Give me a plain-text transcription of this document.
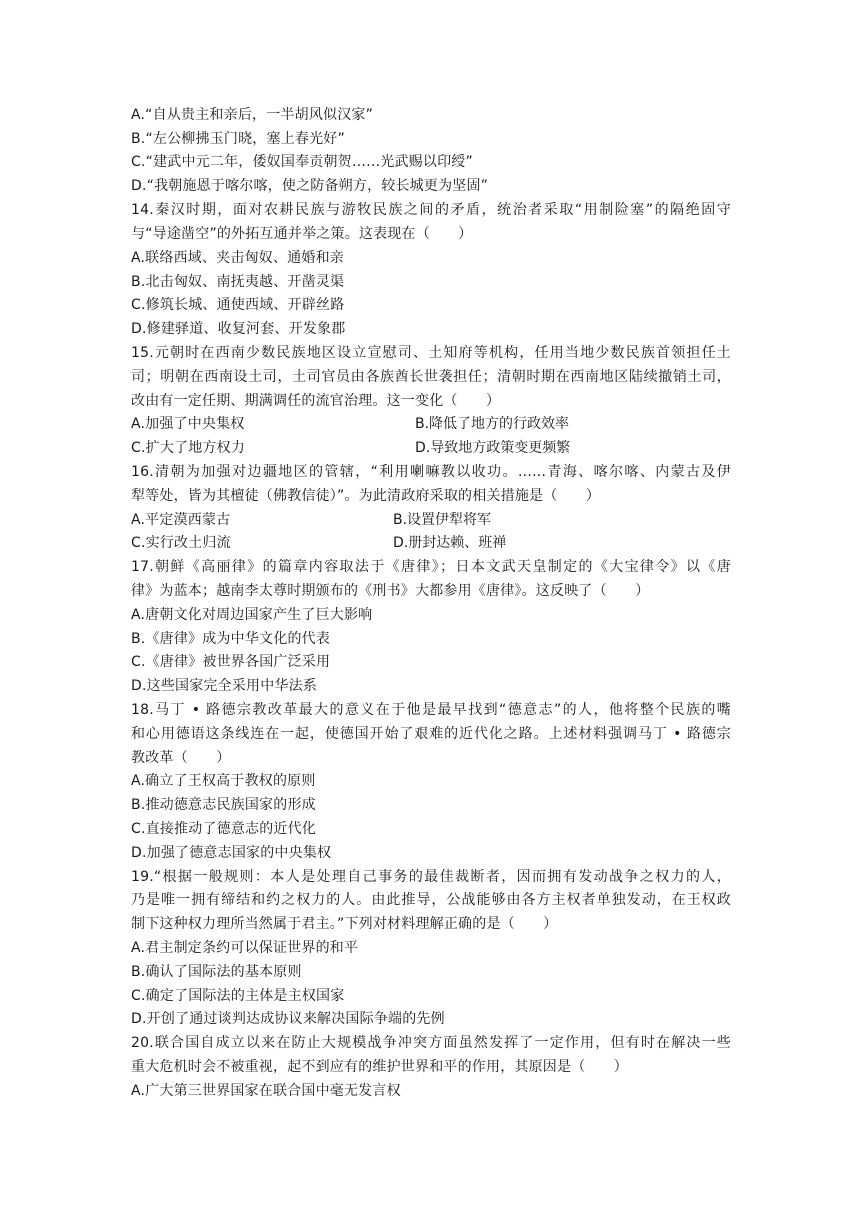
A.“自从贵主和亲后，一半胡风似汉家”
B.“左公柳拂玉门晓，塞上春光好”
C.“建武中元二年，倭奴国奉贡朝贺……光武赐以印绶”
D.“我朝施恩于喀尔喀，使之防备朔方，较长城更为坚固”
14.秦汉时期，面对农耕民族与游牧民族之间的矛盾，统治者采取“用制险塞”的隔绝固守
与“导途凿空”的外拓互通并举之策。这表现在（　　）
A.联络西域、夹击匈奴、通婚和亲
B.北击匈奴、南抚夷越、开凿灵渠
C.修筑长城、通使西域、开辟丝路
D.修建驿道、收复河套、开发象郡
15.元朝时在西南少数民族地区设立宣慰司、土知府等机构，任用当地少数民族首领担任土
司；明朝在西南设土司，土司官员由各族酋长世袭担任；清朝时期在西南地区陆续撤销土司，
改由有一定任期、期满调任的流官治理。这一变化（　　）
A.加强了中央集权	B.降低了地方的行政效率
C.扩大了地方权力	D.导致地方政策变更频繁
16.清朝为加强对边疆地区的管辖，“利用喇嘛教以收功。……青海、喀尔喀、内蒙古及伊
犁等处，皆为其檀徒（佛教信徒）”。为此清政府采取的相关措施是（　　）
A.平定漠西蒙古	B.设置伊犁将军
C.实行改土归流	D.册封达赖、班禅
17.朝鲜《高丽律》的篇章内容取法于《唐律》；日本文武天皇制定的《大宝律令》以《唐
律》为蓝本；越南李太尊时期颁布的《刑书》大都参用《唐律》。这反映了（　　）
A.唐朝文化对周边国家产生了巨大影响
B.《唐律》成为中华文化的代表
C.《唐律》被世界各国广泛采用
D.这些国家完全采用中华法系
18.马丁 • 路德宗教改革最大的意义在于他是最早找到“德意志”的人，他将整个民族的嘴
和心用德语这条线连在一起，使德国开始了艰难的近代化之路。上述材料强调马丁 • 路德宗
教改革（　　）
A.确立了王权高于教权的原则
B.推动德意志民族国家的形成
C.直接推动了德意志的近代化
D.加强了德意志国家的中央集权
19.“根据一般规则：本人是处理自己事务的最佳裁断者，因而拥有发动战争之权力的人，
乃是唯一拥有缔结和约之权力的人。由此推导，公战能够由各方主权者单独发动，在王权政
制下这种权力理所当然属于君主。”下列对材料理解正确的是（　　）
A.君主制定条约可以保证世界的和平
B.确认了国际法的基本原则
C.确定了国际法的主体是主权国家
D.开创了通过谈判达成协议来解决国际争端的先例
20.联合国自成立以来在防止大规模战争冲突方面虽然发挥了一定作用，但有时在解决一些
重大危机时会不被重视，起不到应有的维护世界和平的作用，其原因是（　　）
A.广大第三世界国家在联合国中毫无发言权
